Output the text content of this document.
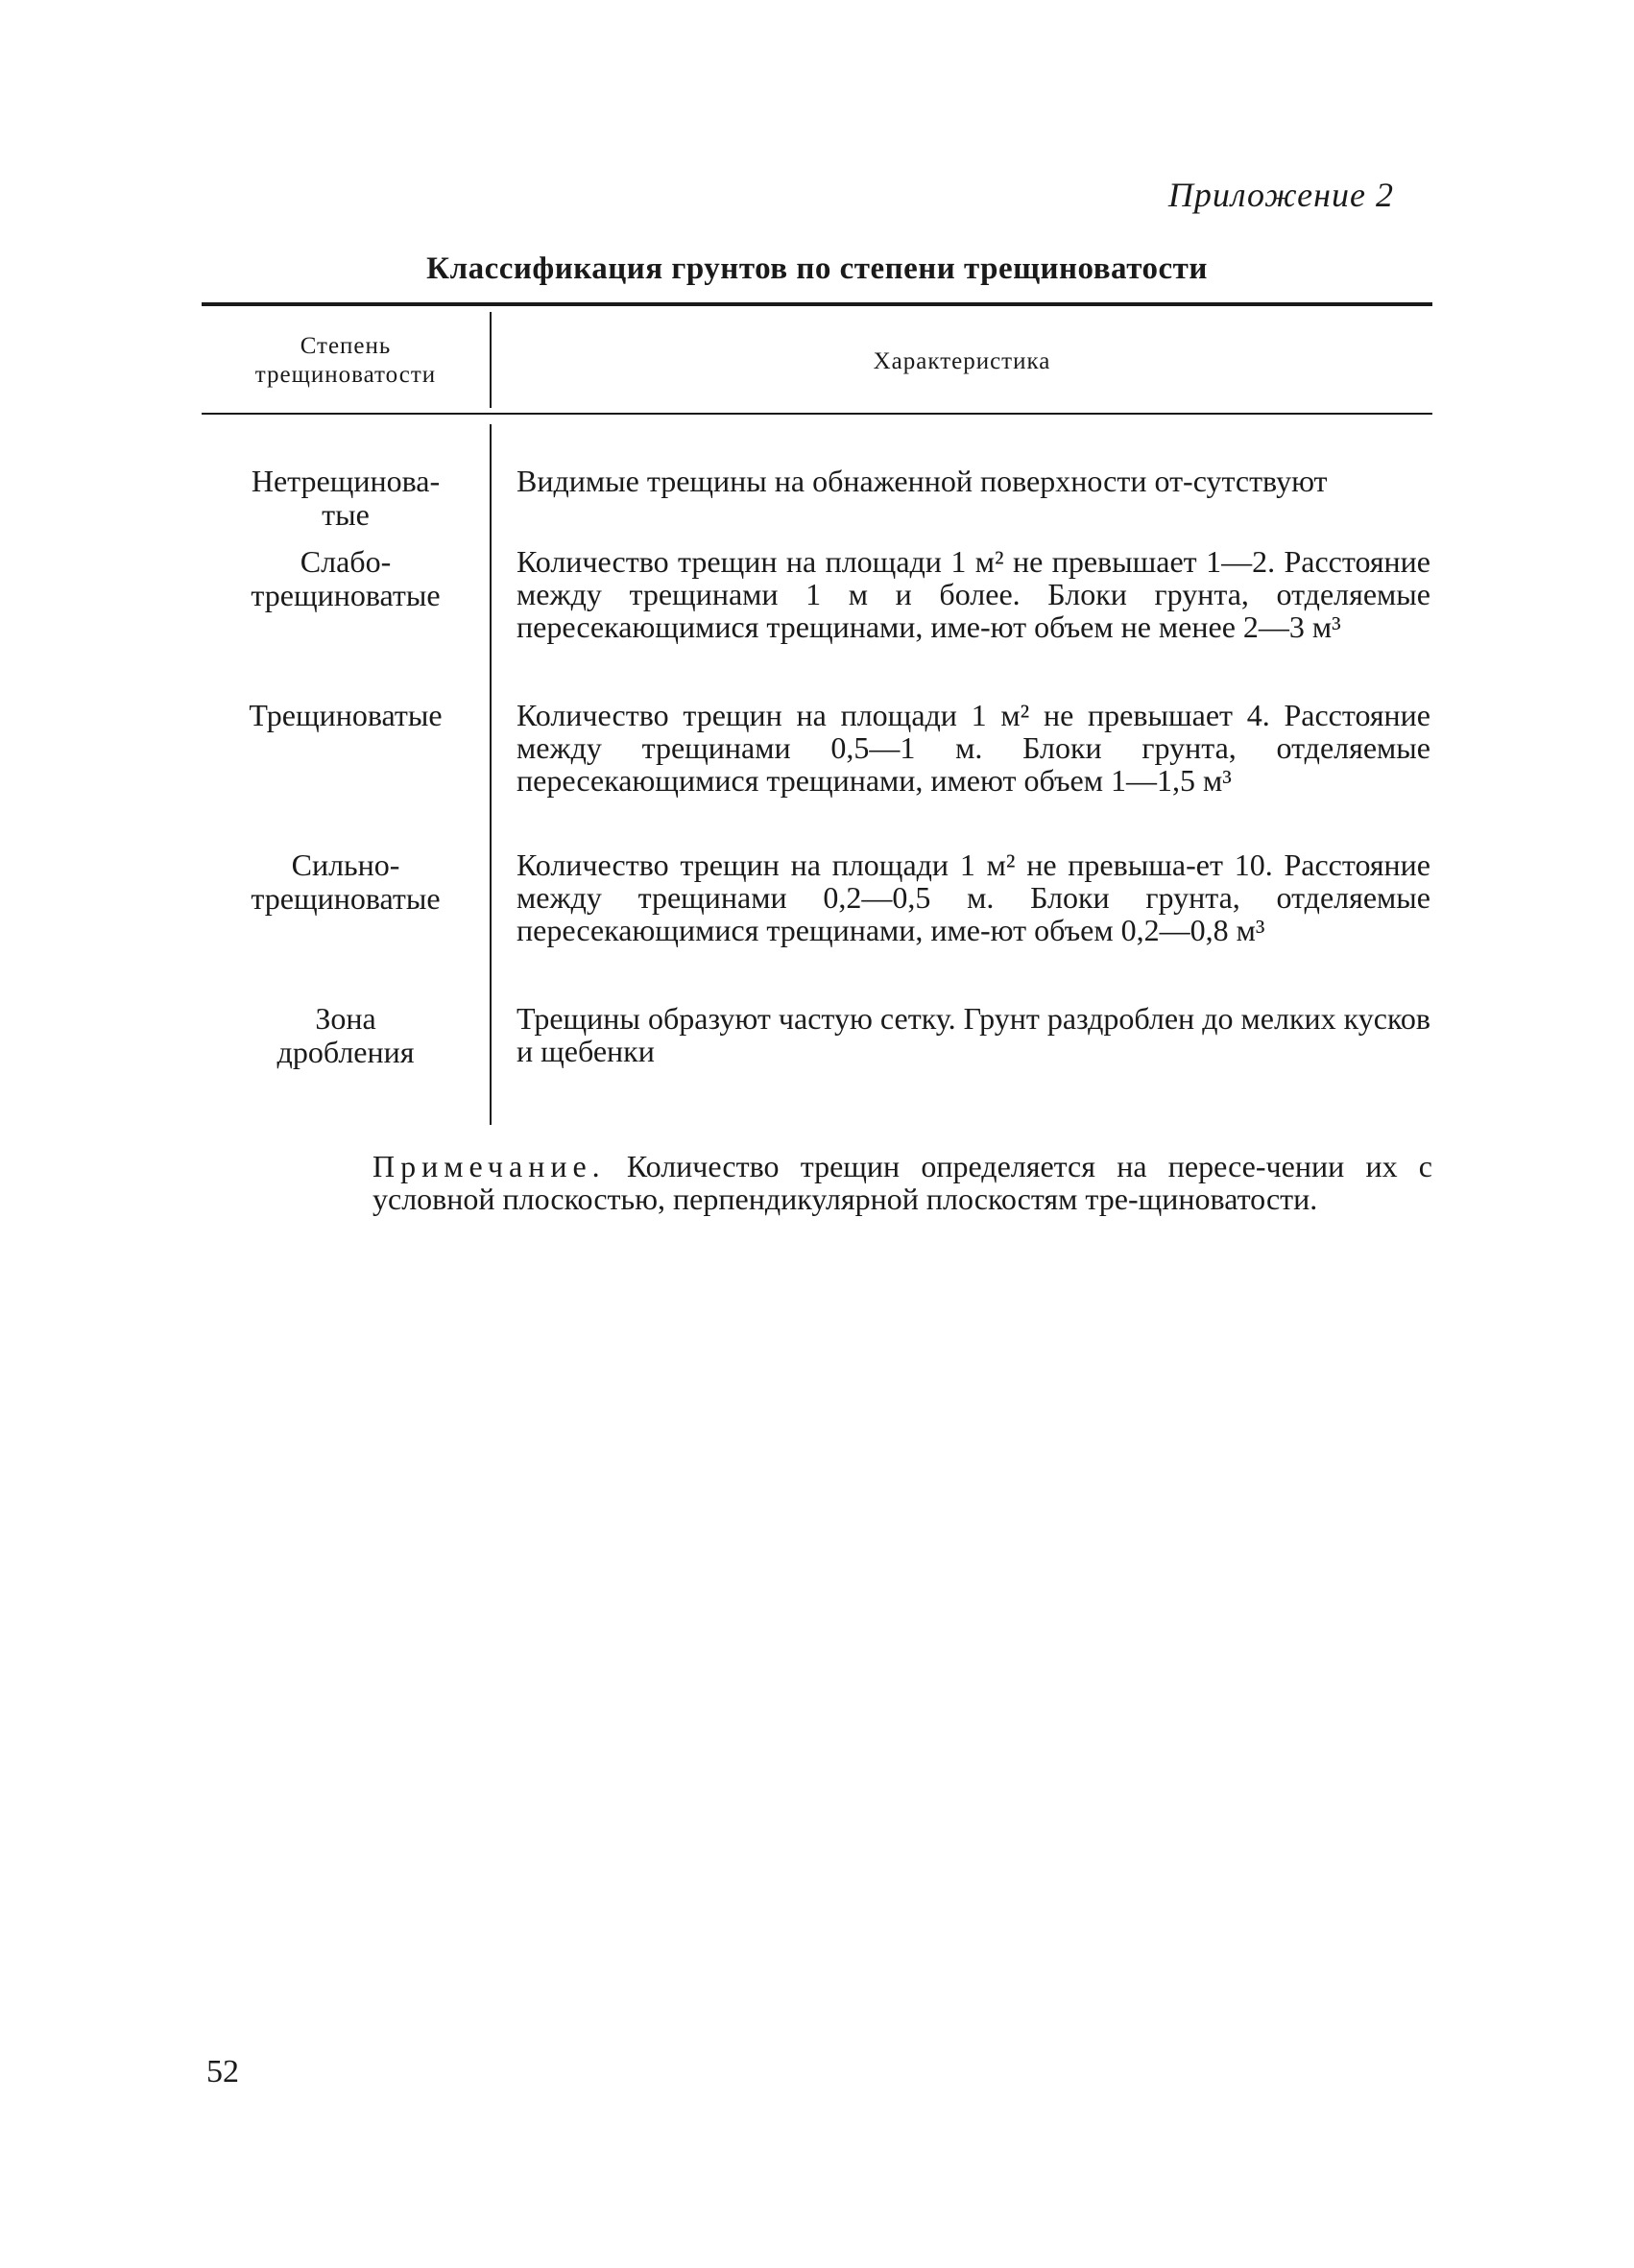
Приложение 2
Классификация грунтов по степени трещиноватости
Степень
трещиноватости
Характеристика
Нетрещинова-
тые
Видимые трещины на обнаженной поверхности от-сутствуют
Слабо-
трещиноватые
Количество трещин на площади 1 м² не превышает 1—2. Расстояние между трещинами 1 м и более. Блоки грунта, отделяемые пересекающимися трещинами, име-ют объем не менее 2—3 м³
Трещиноватые	Количество трещин на площади 1 м² не превышает 4. Расстояние между трещинами 0,5—1 м. Блоки грунта, отделяемые пересекающимися трещинами, имеют объем 1—1,5 м³
Сильно-
трещиноватые
Количество трещин на площади 1 м² не превыша-ет 10. Расстояние между трещинами 0,2—0,5 м. Блоки грунта, отделяемые пересекающимися трещинами, име-ют объем 0,2—0,8 м³
Зона
дробления
Трещины образуют частую сетку. Грунт раздроблен до мелких кусков и щебенки
Примечание. Количество трещин определяется на пересе-чении их с условной плоскостью, перпендикулярной плоскостям тре-щиноватости.
52
